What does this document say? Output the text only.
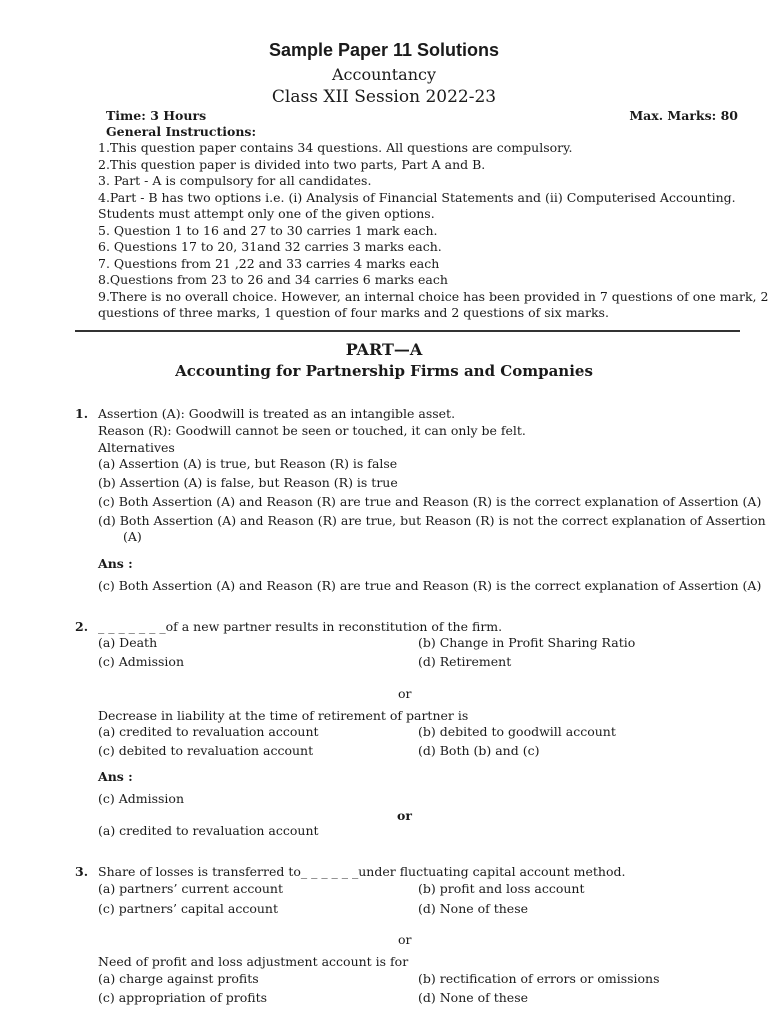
Sample Paper 11 Solutions
Accountancy
Class XII Session 2022-23
Time: 3 Hours	Max. Marks: 80
General Instructions:
1.This question paper contains 34 questions. All questions are compulsory.
2.This question paper is divided into two parts, Part A and B.
3. Part - A is compulsory for all candidates.
4.Part - B has two options i.e. (i) Analysis of Financial Statements and (ii) Computerised Accounting.
Students must attempt only one of the given options.
5. Question 1 to 16 and 27 to 30 carries 1 mark each.
6. Questions 17 to 20, 31and 32 carries 3 marks each.
7. Questions from 21 ,22 and 33 carries 4 marks each
8.Questions from 23 to 26 and 34 carries 6 marks each
9.There is no overall choice. However, an internal choice has been provided in 7 questions of one mark, 2
questions of three marks, 1 question of four marks and 2 questions of six marks.
PART—A
Accounting for Partnership Firms and Companies
1. Assertion (A): Goodwill is treated as an intangible asset.
Reason (R): Goodwill cannot be seen or touched, it can only be felt.
Alternatives
(a) Assertion (A) is true, but Reason (R) is false
(b) Assertion (A) is false, but Reason (R) is true
(c) Both Assertion (A) and Reason (R) are true and Reason (R) is the correct explanation of Assertion (A)
(d) Both Assertion (A) and Reason (R) are true, but Reason (R) is not the correct explanation of Assertion
(A)
Ans :
(c) Both Assertion (A) and Reason (R) are true and Reason (R) is the correct explanation of Assertion (A)
2. _ _ _ _ _ _ _of a new partner results in reconstitution of the firm.
(a) Death	(b) Change in Profit Sharing Ratio
(c) Admission	(d) Retirement
or
Decrease in liability at the time of retirement of partner is
(a) credited to revaluation account	(b) debited to goodwill account
(c) debited to revaluation account	(d) Both (b) and (c)
Ans :
(c) Admission
or
(a) credited to revaluation account
3. Share of losses is transferred to_ _ _ _ _ _under fluctuating capital account method.
(a) partners’ current account	(b) profit and loss account
(c) partners’ capital account	(d) None of these
or
Need of profit and loss adjustment account is for
(a) charge against profits	(b) rectification of errors or omissions
(c) appropriation of profits	(d) None of these
